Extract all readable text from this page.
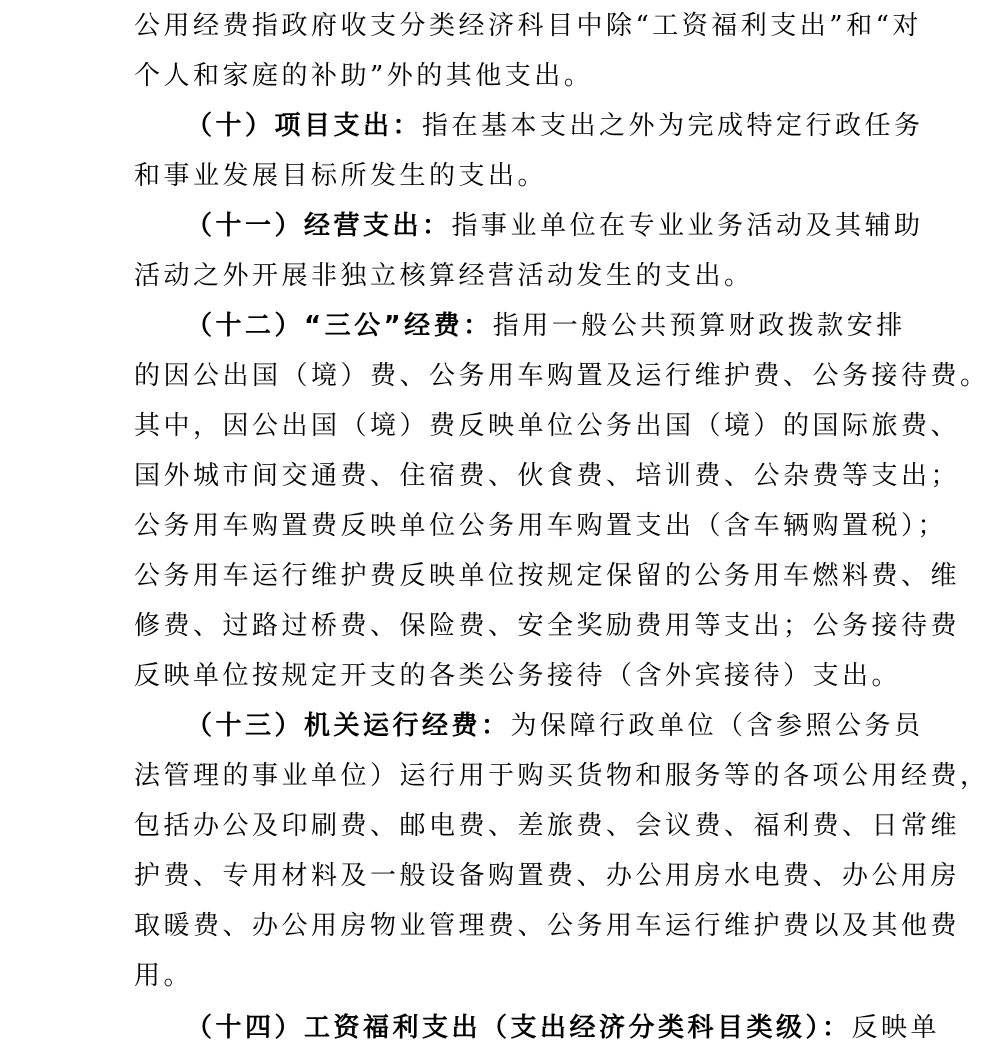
公用经费指政府收支分类经济科目中除“工资福利支出”和“对
个人和家庭的补助”外的其他支出。
（十）项目支出：指在基本支出之外为完成特定行政任务
和事业发展目标所发生的支出。
（十一）经营支出：指事业单位在专业业务活动及其辅助
活动之外开展非独立核算经营活动发生的支出。
（十二）“三公”经费：指用一般公共预算财政拨款安排
的因公出国（境）费、公务用车购置及运行维护费、公务接待费。
其中，因公出国（境）费反映单位公务出国（境）的国际旅费、
国外城市间交通费、住宿费、伙食费、培训费、公杂费等支出；
公务用车购置费反映单位公务用车购置支出（含车辆购置税）；
公务用车运行维护费反映单位按规定保留的公务用车燃料费、维
修费、过路过桥费、保险费、安全奖励费用等支出；公务接待费
反映单位按规定开支的各类公务接待（含外宾接待）支出。
（十三）机关运行经费：为保障行政单位（含参照公务员
法管理的事业单位）运行用于购买货物和服务等的各项公用经费，
包括办公及印刷费、邮电费、差旅费、会议费、福利费、日常维
护费、专用材料及一般设备购置费、办公用房水电费、办公用房
取暖费、办公用房物业管理费、公务用车运行维护费以及其他费
用。
（十四）工资福利支出（支出经济分类科目类级）：反映单
